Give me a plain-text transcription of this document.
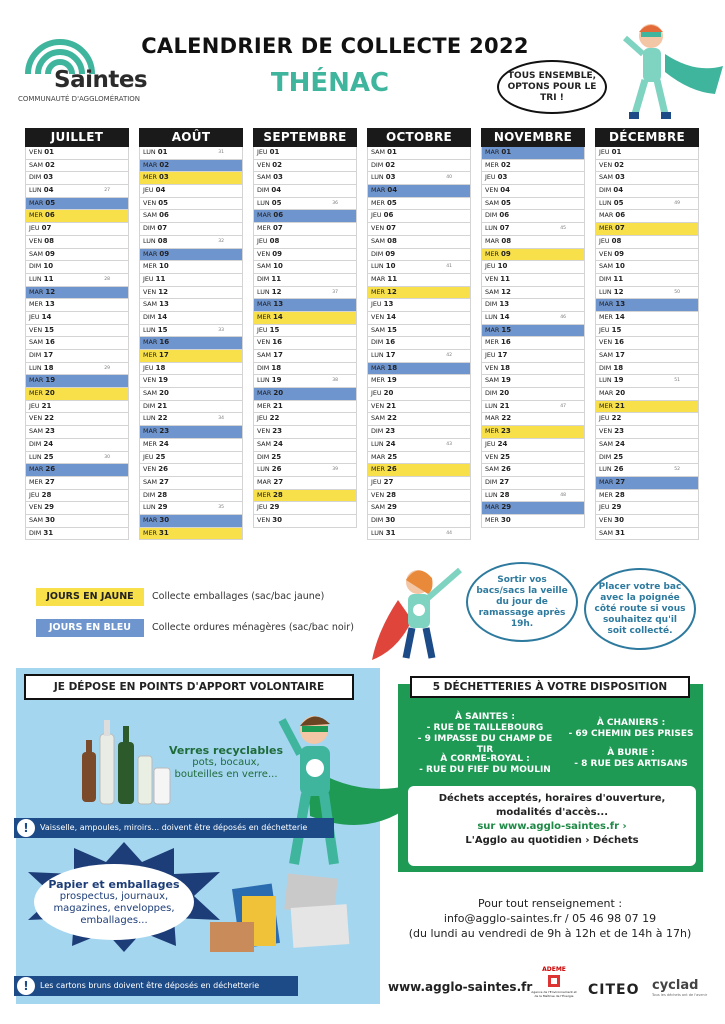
Saintes
COMMUNAUTÉ D'AGGLOMÉRATION
CALENDRIER DE COLLECTE 2022
THÉNAC	TOUS ENSEMBLE, OPTONS POUR LE TRI !
JUILLET
VEN 01
SAM 02
DIM 03
LUN 04	27
MAR 05
MER 06
JEU 07
VEN 08
SAM 09
DIM 10
LUN 11	28
MAR 12
MER 13
JEU 14
VEN 15
SAM 16
DIM 17
LUN 18	29
MAR 19
MER 20
JEU 21
VEN 22
SAM 23
DIM 24
LUN 25	30
MAR 26
MER 27
JEU 28
VEN 29
SAM 30
DIM 31
AOÛT
LUN 01	31
MAR 02
MER 03
JEU 04
VEN 05
SAM 06
DIM 07
LUN 08	32
MAR 09
MER 10
JEU 11
VEN 12
SAM 13
DIM 14
LUN 15	33
MAR 16
MER 17
JEU 18
VEN 19
SAM 20
DIM 21
LUN 22	34
MAR 23
MER 24
JEU 25
VEN 26
SAM 27
DIM 28
LUN 29	35
MAR 30
MER 31
SEPTEMBRE
JEU 01
VEN 02
SAM 03
DIM 04
LUN 05	36
MAR 06
MER 07
JEU 08
VEN 09
SAM 10
DIM 11
LUN 12	37
MAR 13
MER 14
JEU 15
VEN 16
SAM 17
DIM 18
LUN 19	38
MAR 20
MER 21
JEU 22
VEN 23
SAM 24
DIM 25
LUN 26	39
MAR 27
MER 28
JEU 29
VEN 30
OCTOBRE
SAM 01
DIM 02
LUN 03	40
MAR 04
MER 05
JEU 06
VEN 07
SAM 08
DIM 09
LUN 10	41
MAR 11
MER 12
JEU 13
VEN 14
SAM 15
DIM 16
LUN 17	42
MAR 18
MER 19
JEU 20
VEN 21
SAM 22
DIM 23
LUN 24	43
MAR 25
MER 26
JEU 27
VEN 28
SAM 29
DIM 30
LUN 31	44
NOVEMBRE
MAR 01
MER 02
JEU 03
VEN 04
SAM 05
DIM 06
LUN 07	45
MAR 08
MER 09
JEU 10
VEN 11
SAM 12
DIM 13
LUN 14	46
MAR 15
MER 16
JEU 17
VEN 18
SAM 19
DIM 20
LUN 21	47
MAR 22
MER 23
JEU 24
VEN 25
SAM 26
DIM 27
LUN 28	48
MAR 29
MER 30
DÉCEMBRE
JEU 01
VEN 02
SAM 03
DIM 04
LUN 05	49
MAR 06
MER 07
JEU 08
VEN 09
SAM 10
DIM 11
LUN 12	50
MAR 13
MER 14
JEU 15
VEN 16
SAM 17
DIM 18
LUN 19	51
MAR 20
MER 21
JEU 22
VEN 23
SAM 24
DIM 25
LUN 26	52
MAR 27
MER 28
JEU 29
VEN 30
SAM 31
JOURS EN JAUNE	Collecte emballages (sac/bac jaune)
JOURS EN BLEU	Collecte ordures ménagères (sac/bac noir)
Sortir vos bacs/sacs la veille du jour de ramassage après 19h.
Placer votre bac avec la poignée côté route si vous souhaitez qu'il soit collecté.
JE DÉPOSE EN POINTS D'APPORT VOLONTAIRE
Verres recyclables
pots, bocaux, bouteilles en verre...
!	Vaisselle, ampoules, miroirs... doivent être déposés en déchetterie
Papier et emballages
prospectus, journaux, magazines, enveloppes, emballages...
!	Les cartons bruns doivent être déposés en déchetterie
5 DÉCHETTERIES À VOTRE DISPOSITION
À SAINTES :
- RUE DE TAILLEBOURG
- 9 IMPASSE DU CHAMP DE TIR
À CHANIERS :
- 69 CHEMIN DES PRISES
À CORME-ROYAL :
- RUE DU FIEF DU MOULIN
À BURIE :
- 8 RUE DES ARTISANS
Déchets acceptés, horaires d'ouverture,
modalités d'accès...
sur www.agglo-saintes.fr ›
L'Agglo au quotidien › Déchets
Pour tout renseignement :
info@agglo-saintes.fr / 05 46 98 07 19
(du lundi au vendredi de 9h à 12h et de 14h à 17h)
www.agglo-saintes.fr
ADEME
Agence de l'Environnement et de la Maîtrise de l'Énergie	CITEO cyclad
Tous les déchets ont de l'avenir
